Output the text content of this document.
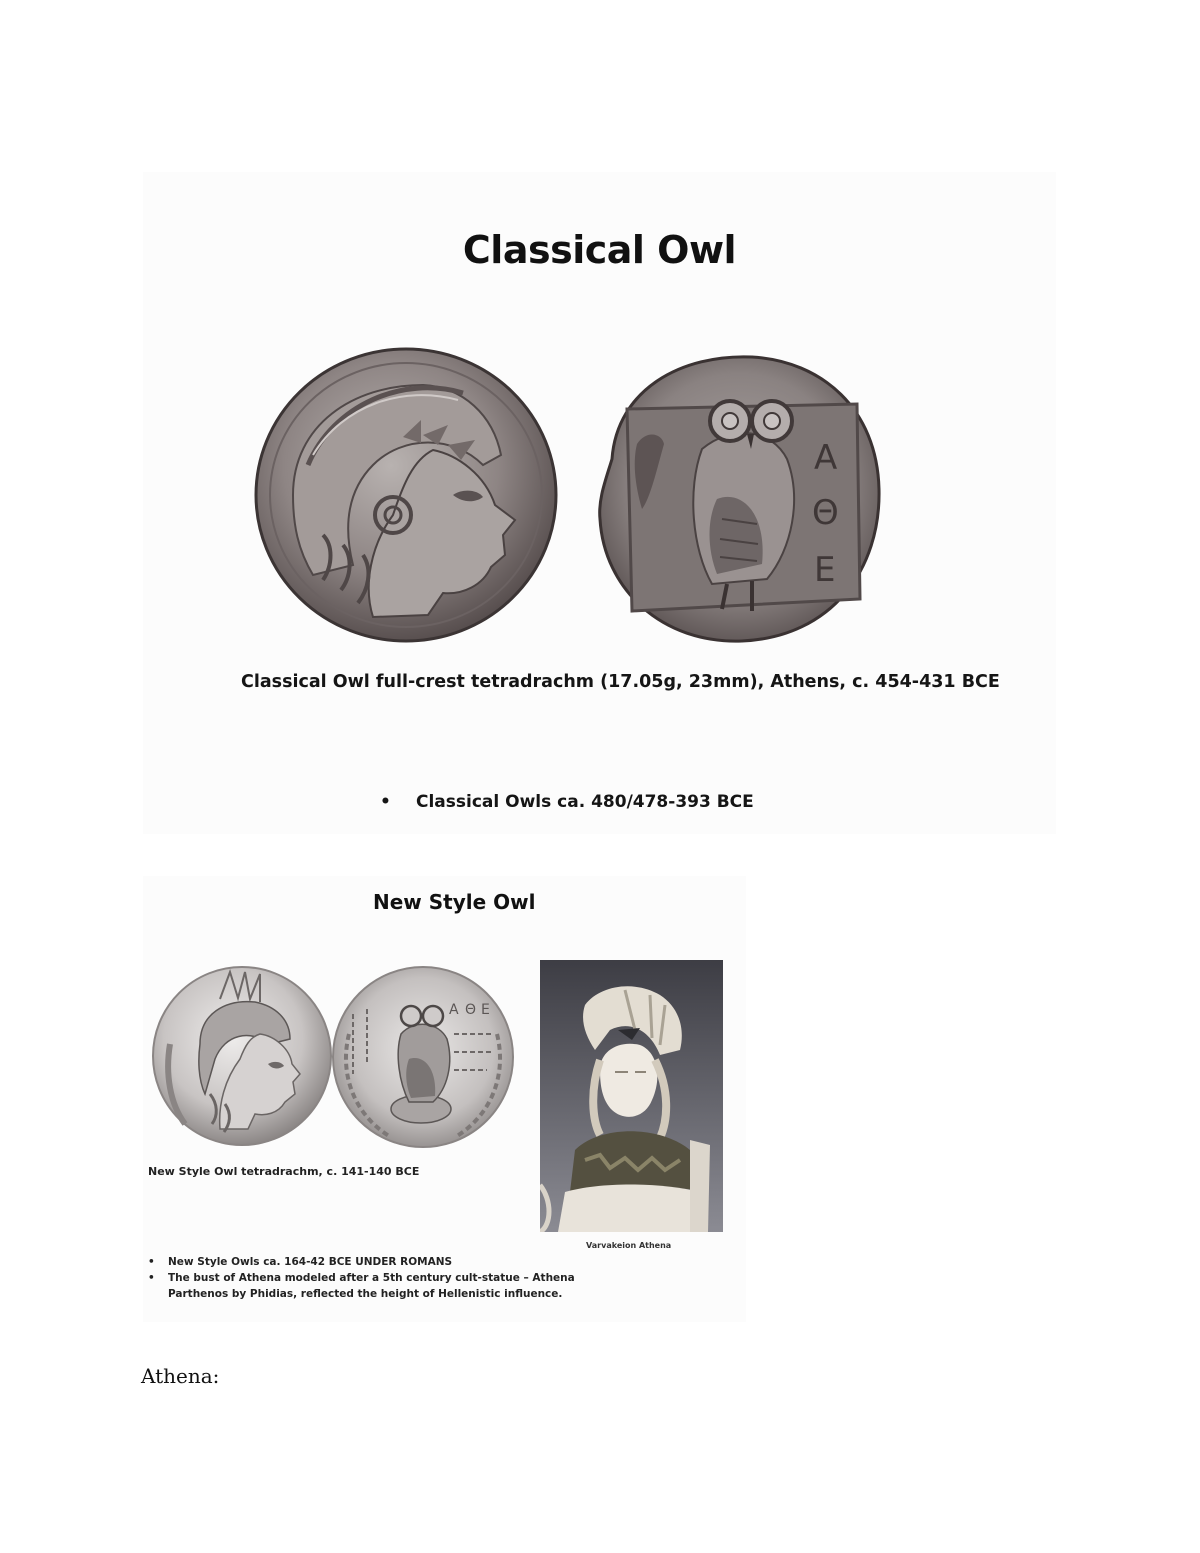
Classical Owl
A
Θ
E
Classical Owl full-crest tetradrachm (17.05g, 23mm), Athens, c. 454-431 BCE
• Classical Owls ca. 480/478-393 BCE
New Style Owl
A Θ E
New Style Owl tetradrachm, c. 141-140 BCE
Varvakeion Athena
• New Style Owls ca. 164-42 BCE UNDER ROMANS
• The bust of Athena modeled after a 5th century cult-statue – Athena Parthenos by Phidias, reflected the height of Hellenistic influence.
Athena:
